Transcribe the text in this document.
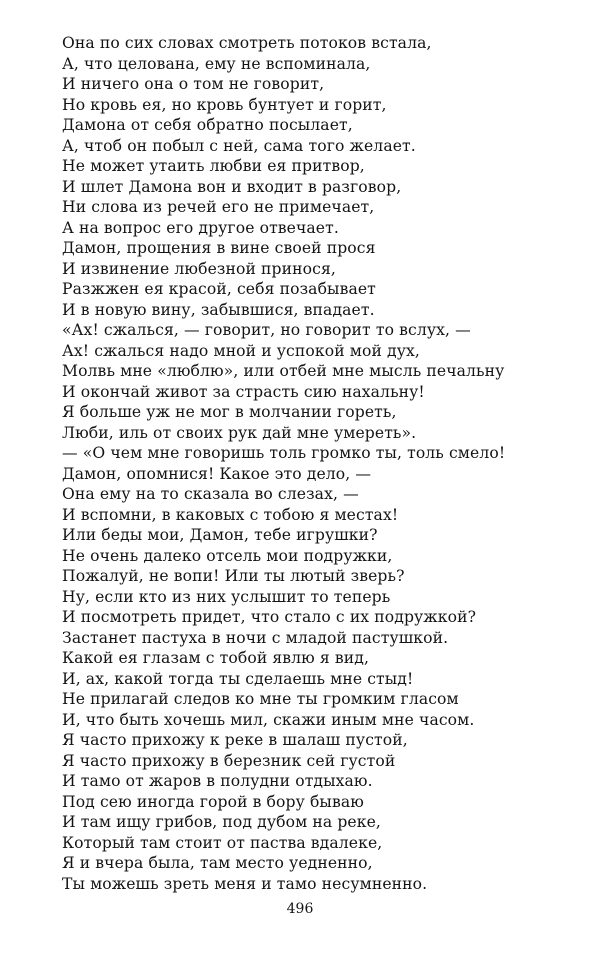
Она по сих словах смотреть потоков встала,
А, что целована, ему не вспоминала,
И ничего она о том не говорит,
Но кровь ея, но кровь бунтует и горит,
Дамона от себя обратно посылает,
А, чтоб он побыл с ней, сама того желает.
Не может утаить любви ея притвор,
И шлет Дамона вон и входит в разговор,
Ни слова из речей его не примечает,
А на вопрос его другое отвечает.
Дамон, прощения в вине своей прося
И извинение любезной принося,
Разжжен ея красой, себя позабывает
И в новую вину, забывшися, впадает.
«Ах! сжалься, — говорит, но говорит то вслух, —
Ах! сжалься надо мной и успокой мой дух,
Молвь мне «люблю», или отбей мне мысль печальну
И окончай живот за страсть сию нахальну!
Я больше уж не мог в молчании гореть,
Люби, иль от своих рук дай мне умереть».
— «О чем мне говоришь толь громко ты, толь смело!
Дамон, опомнися! Какое это дело, —
Она ему на то сказала во слезах, —
И вспомни, в каковых с тобою я местах!
Или беды мои, Дамон, тебе игрушки?
Не очень далеко отсель мои подружки,
Пожалуй, не вопи! Или ты лютый зверь?
Ну, если кто из них услышит то теперь
И посмотреть придет, что стало с их подружкой?
Застанет пастуха в ночи с младой пастушкой.
Какой ея глазам с тобой явлю я вид,
И, ах, какой тогда ты сделаешь мне стыд!
Не прилагай следов ко мне ты громким гласом
И, что быть хочешь мил, скажи иным мне часом.
Я часто прихожу к реке в шалаш пустой,
Я часто прихожу в березник сей густой
И тамо от жаров в полудни отдыхаю.
Под сею иногда горой в бору бываю
И там ищу грибов, под дубом на реке,
Который там стоит от паства вдалеке,
Я и вчера была, там место уедненно,
Ты можешь зреть меня и тамо несумненно.
496
